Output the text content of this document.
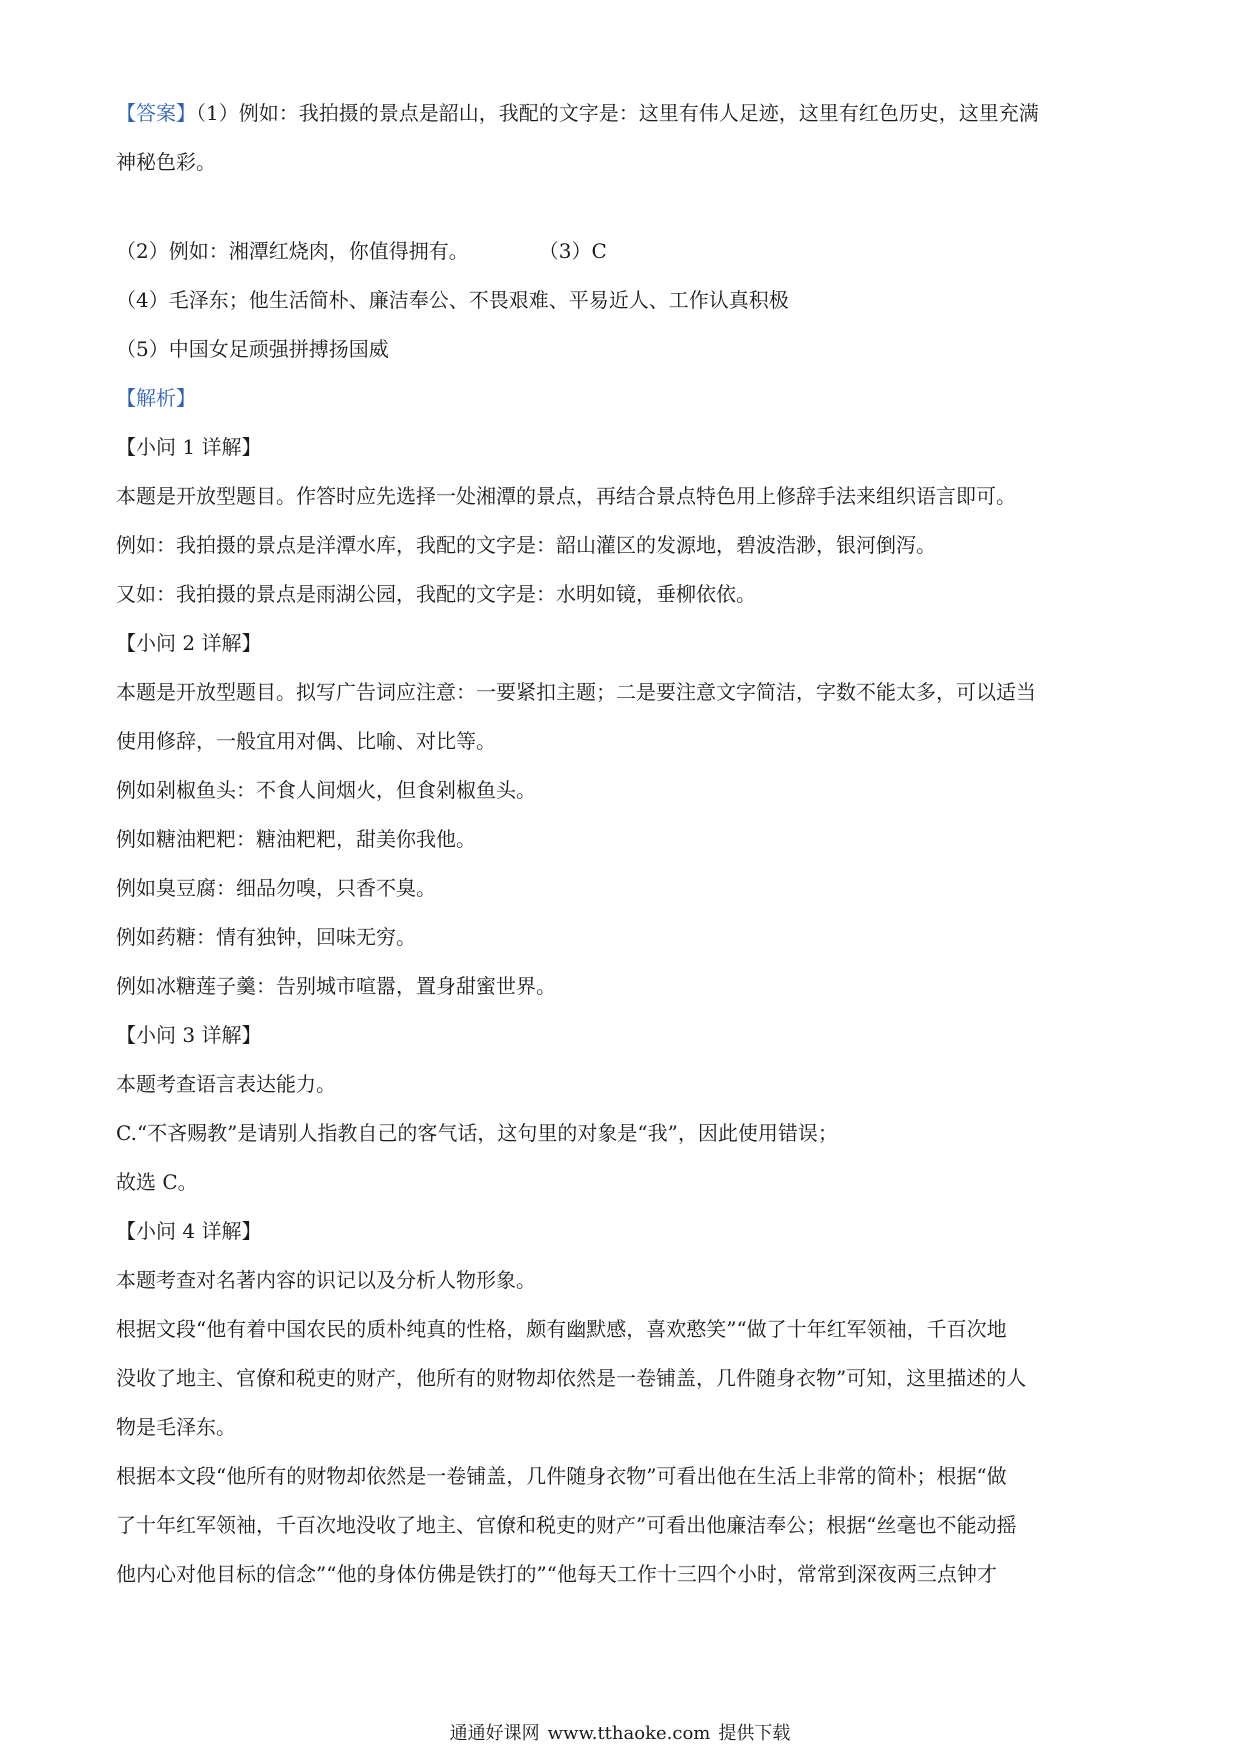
【答案】（1）例如：我拍摄的景点是韶山，我配的文字是：这里有伟人足迹，这里有红色历史，这里充满
神秘色彩。
（2）例如：湘潭红烧肉，你值得拥有。	（3）C
（4）毛泽东；他生活简朴、廉洁奉公、不畏艰难、平易近人、工作认真积极
（5）中国女足顽强拼搏扬国威
【解析】
【小问 1 详解】
本题是开放型题目。作答时应先选择一处湘潭的景点，再结合景点特色用上修辞手法来组织语言即可。
例如：我拍摄的景点是洋潭水库，我配的文字是：韶山灌区的发源地，碧波浩渺，银河倒泻。
又如：我拍摄的景点是雨湖公园，我配的文字是：水明如镜，垂柳依依。
【小问 2 详解】
本题是开放型题目。拟写广告词应注意：一要紧扣主题；二是要注意文字简洁，字数不能太多，可以适当
使用修辞，一般宜用对偶、比喻、对比等。
例如剁椒鱼头：不食人间烟火，但食剁椒鱼头。
例如糖油粑粑：糖油粑粑，甜美你我他。
例如臭豆腐：细品勿嗅，只香不臭。
例如药糖：情有独钟，回味无穷。
例如冰糖莲子羹：告别城市喧嚣，置身甜蜜世界。
【小问 3 详解】
本题考查语言表达能力。
C.“不吝赐教”是请别人指教自己的客气话，这句里的对象是“我”，因此使用错误；
故选 C。
【小问 4 详解】
本题考查对名著内容的识记以及分析人物形象。
根据文段“他有着中国农民的质朴纯真的性格，颇有幽默感，喜欢憨笑”“做了十年红军领袖，千百次地
没收了地主、官僚和税吏的财产，他所有的财物却依然是一卷铺盖，几件随身衣物”可知，这里描述的人
物是毛泽东。
根据本文段“他所有的财物却依然是一卷铺盖，几件随身衣物”可看出他在生活上非常的简朴；根据“做
了十年红军领袖，千百次地没收了地主、官僚和税吏的财产”可看出他廉洁奉公；根据“丝毫也不能动摇
他内心对他目标的信念”“他的身体仿佛是铁打的”“他每天工作十三四个小时，常常到深夜两三点钟才
通通好课网 www.tthaoke.com 提供下载
